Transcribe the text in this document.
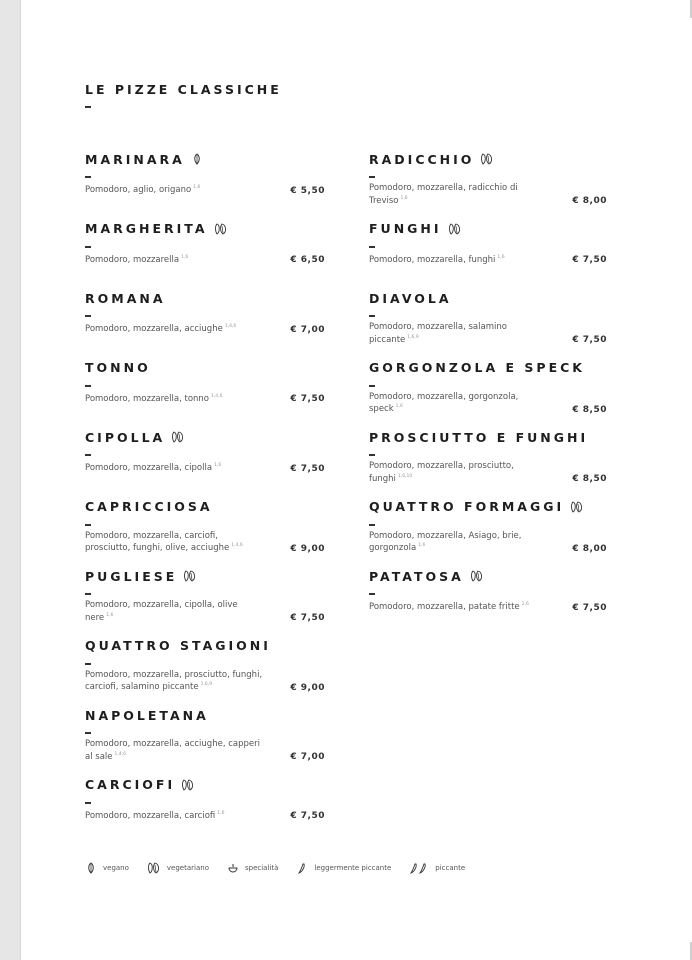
LE PIZZE CLASSICHE
MARINARA
Pomodoro, aglio, origano $^{1,6}$	€ 5,50
MARGHERITA
Pomodoro, mozzarella $^{1,6}$	€ 6,50
ROMANA
Pomodoro, mozzarella, acciughe $^{1,4,6}$	€ 7,00
TONNO
Pomodoro, mozzarella, tonno $^{1,4,6}$	€ 7,50
CIPOLLA
Pomodoro, mozzarella, cipolla $^{1,6}$	€ 7,50
CAPRICCIOSA
Pomodoro, mozzarella, carciofi, prosciutto, funghi, olive, acciughe $^{1,4,6}$	€ 9,00
PUGLIESE
Pomodoro, mozzarella, cipolla, olive nere $^{1,6}$	€ 7,50
QUATTRO STAGIONI
Pomodoro, mozzarella, prosciutto, funghi, carciofi, salamino piccante $^{1,6,9}$	€ 9,00
NAPOLETANA
Pomodoro, mozzarella, acciughe, capperi al sale $^{1,4,6}$	€ 7,00
CARCIOFI
Pomodoro, mozzarella, carciofi $^{1,6}$	€ 7,50
RADICCHIO
Pomodoro, mozzarella, radicchio di Treviso $^{1,6}$	€ 8,00
FUNGHI
Pomodoro, mozzarella, funghi $^{1,6}$	€ 7,50
DIAVOLA
Pomodoro, mozzarella, salamino piccante $^{1,6,9}$	€ 7,50
GORGONZOLA E SPECK
Pomodoro, mozzarella, gorgonzola, speck $^{1,6}$	€ 8,50
PROSCIUTTO E FUNGHI
Pomodoro, mozzarella, prosciutto, funghi $^{1,6,10}$	€ 8,50
QUATTRO FORMAGGI
Pomodoro, mozzarella, Asiago, brie, gorgonzola $^{1,6}$	€ 8,00
PATATOSA
Pomodoro, mozzarella, patate fritte $^{1,6}$	€ 7,50
vegano	vegetariano	specialità	leggermente piccante	piccante
